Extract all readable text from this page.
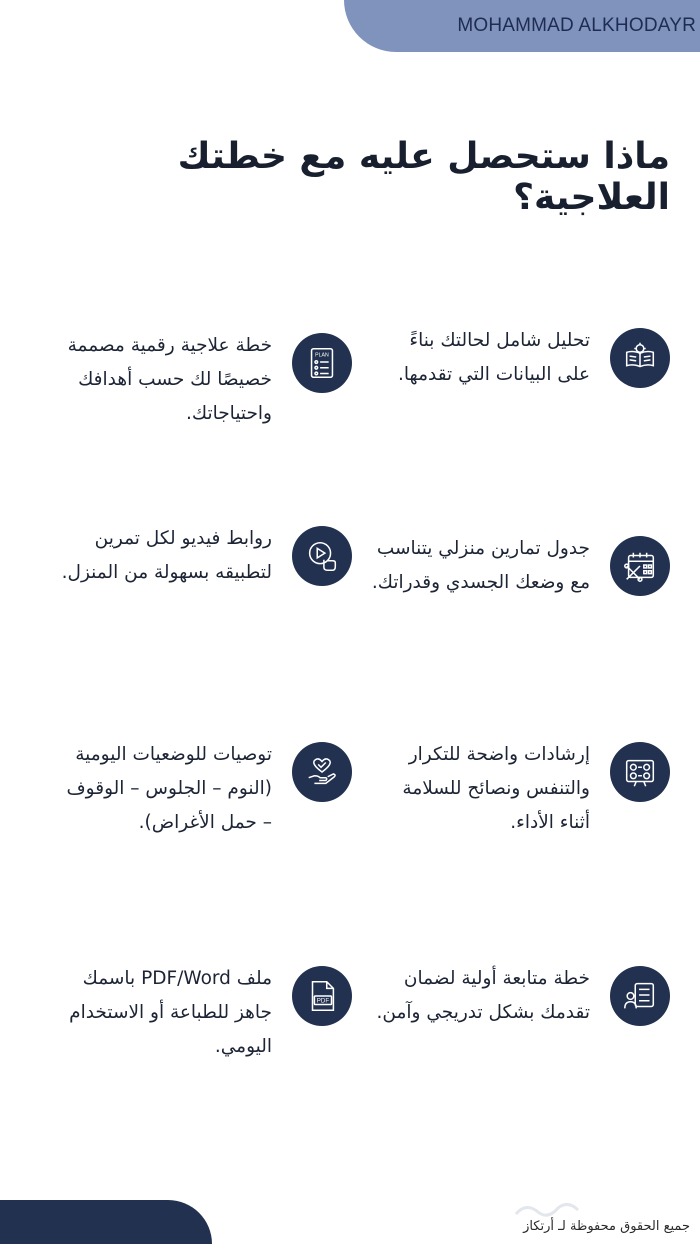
MOHAMMAD ALKHODAYR
ماذا ستحصل عليه مع خطتك العلاجية؟
تحليل شامل لحالتك بناءً
على البيانات التي تقدمها.
جدول تمارين منزلي يتناسب
مع وضعك الجسدي وقدراتك.
إرشادات واضحة للتكرار
والتنفس ونصائح للسلامة
أثناء الأداء.
خطة متابعة أولية لضمان
تقدمك بشكل تدريجي وآمن.
PLAN
خطة علاجية رقمية مصممة
خصيصًا لك حسب أهدافك
واحتياجاتك.
روابط فيديو لكل تمرين
لتطبيقه بسهولة من المنزل.
توصيات للوضعيات اليومية
(النوم – الجلوس – الوقوف
– حمل الأغراض).
PDF
ملف PDF/Word باسمك
جاهز للطباعة أو الاستخدام
اليومي.
جميع الحقوق محفوظة لـ أرتكاز
